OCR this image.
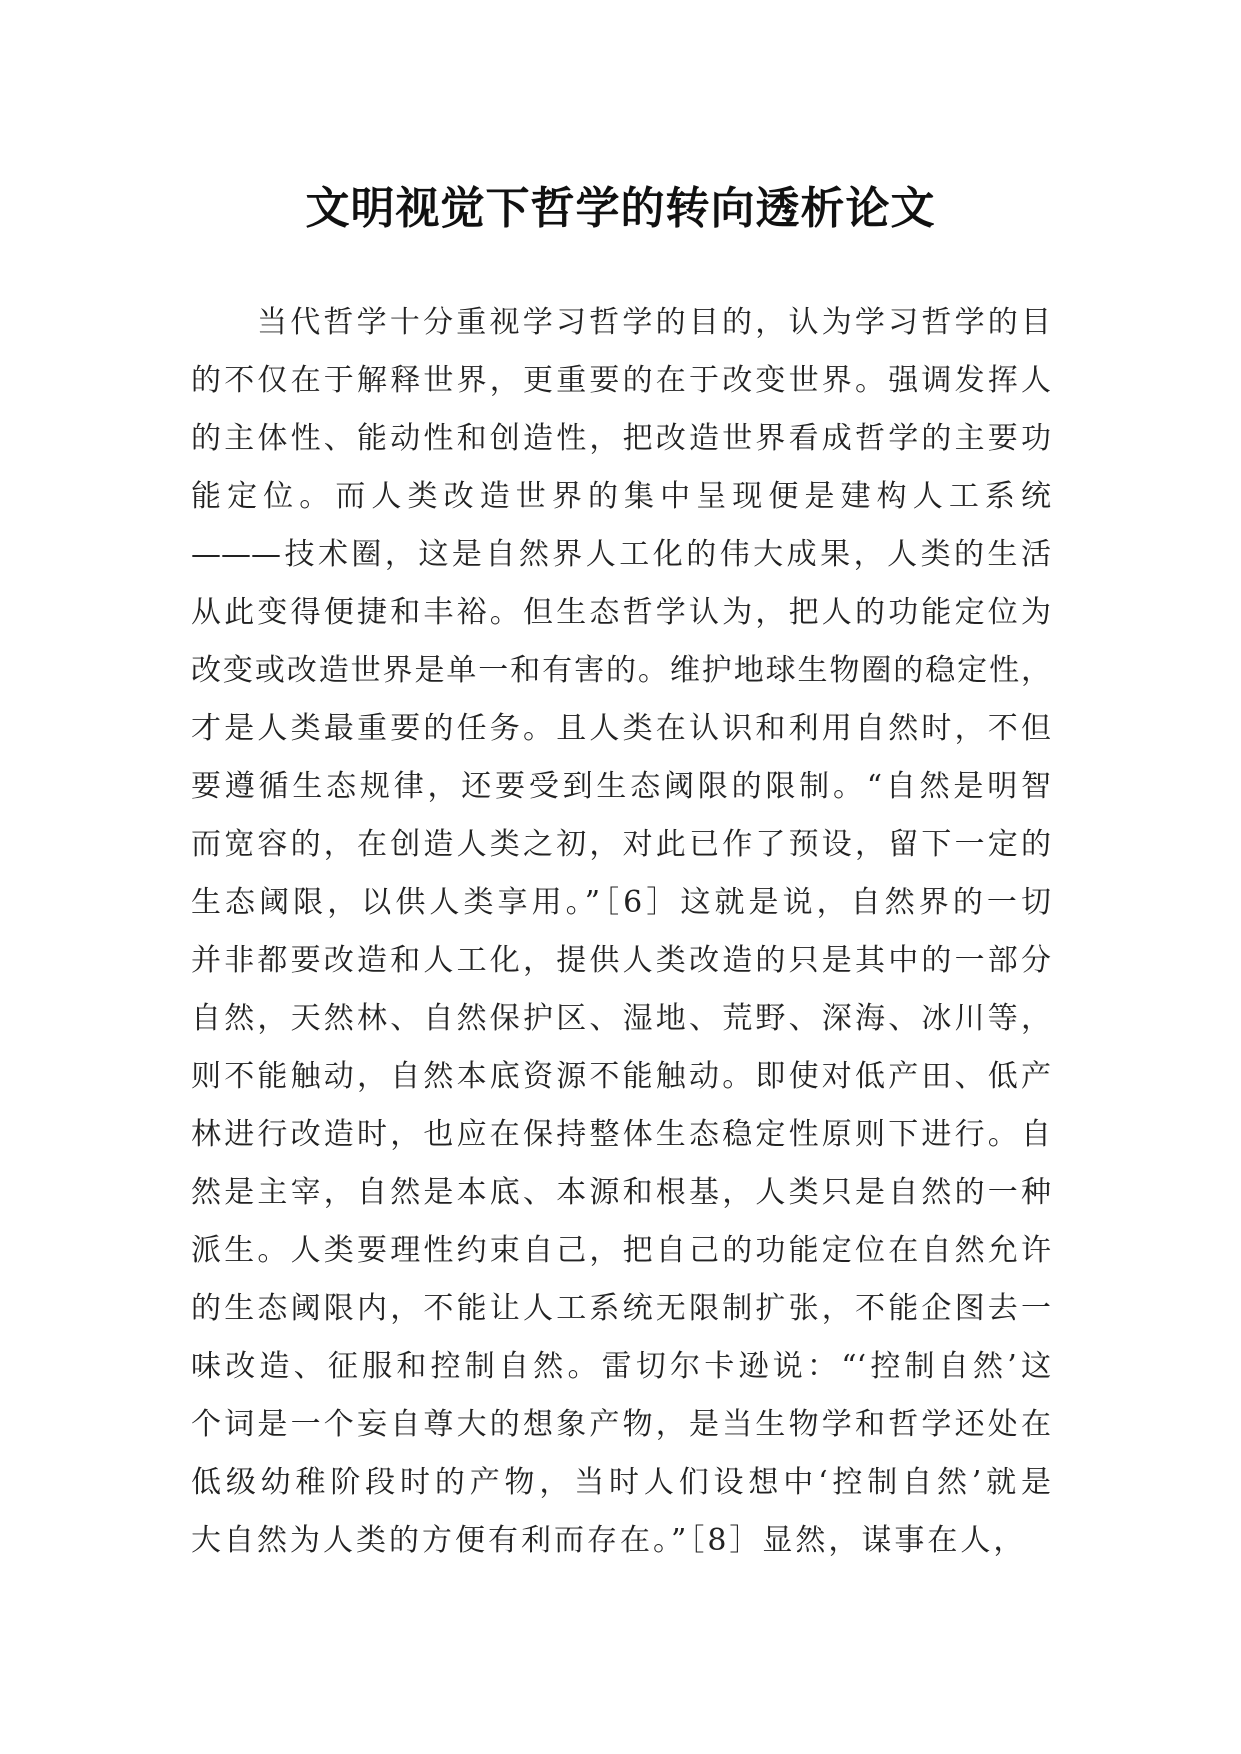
文明视觉下哲学的转向透析论文
当代哲学十分重视学习哲学的目的，认为学习哲学的目
的不仅在于解释世界，更重要的在于改变世界。强调发挥人
的主体性、能动性和创造性，把改造世界看成哲学的主要功
能定位。而人类改造世界的集中呈现便是建构人工系统
———技术圈，这是自然界人工化的伟大成果，人类的生活
从此变得便捷和丰裕。但生态哲学认为，把人的功能定位为
改变或改造世界是单一和有害的。维护地球生物圈的稳定性，
才是人类最重要的任务。且人类在认识和利用自然时，不但
要遵循生态规律，还要受到生态阈限的限制。“自然是明智
而宽容的，在创造人类之初，对此已作了预设，留下一定的
生态阈限，以供人类享用。”［6］这就是说，自然界的一切
并非都要改造和人工化，提供人类改造的只是其中的一部分
自然，天然林、自然保护区、湿地、荒野、深海、冰川等，
则不能触动，自然本底资源不能触动。即使对低产田、低产
林进行改造时，也应在保持整体生态稳定性原则下进行。自
然是主宰，自然是本底、本源和根基，人类只是自然的一种
派生。人类要理性约束自己，把自己的功能定位在自然允许
的生态阈限内，不能让人工系统无限制扩张，不能企图去一
味改造、征服和控制自然。雷切尔卡逊说：“‘控制自然’这
个词是一个妄自尊大的想象产物，是当生物学和哲学还处在
低级幼稚阶段时的产物，当时人们设想中‘控制自然’就是
大自然为人类的方便有利而存在。”［8］显然，谋事在人，
